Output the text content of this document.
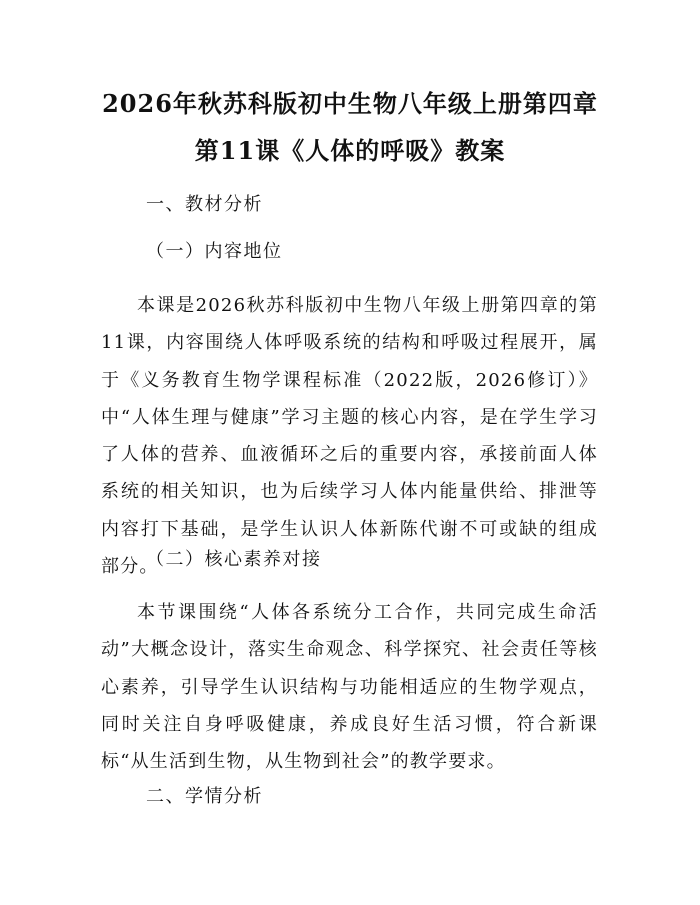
2026年秋苏科版初中生物八年级上册第四章
第11课《人体的呼吸》教案
一、教材分析
（一）内容地位
本课是2026秋苏科版初中生物八年级上册第四章的第11课，内容围绕人体呼吸系统的结构和呼吸过程展开，属于《义务教育生物学课程标准（2022版，2026修订）》中“人体生理与健康”学习主题的核心内容，是在学生学习了人体的营养、血液循环之后的重要内容，承接前面人体系统的相关知识，也为后续学习人体内能量供给、排泄等内容打下基础，是学生认识人体新陈代谢不可或缺的组成部分。
（二）核心素养对接
本节课围绕“人体各系统分工合作，共同完成生命活动”大概念设计，落实生命观念、科学探究、社会责任等核心素养，引导学生认识结构与功能相适应的生物学观点，同时关注自身呼吸健康，养成良好生活习惯，符合新课标“从生活到生物，从生物到社会”的教学要求。
二、学情分析
